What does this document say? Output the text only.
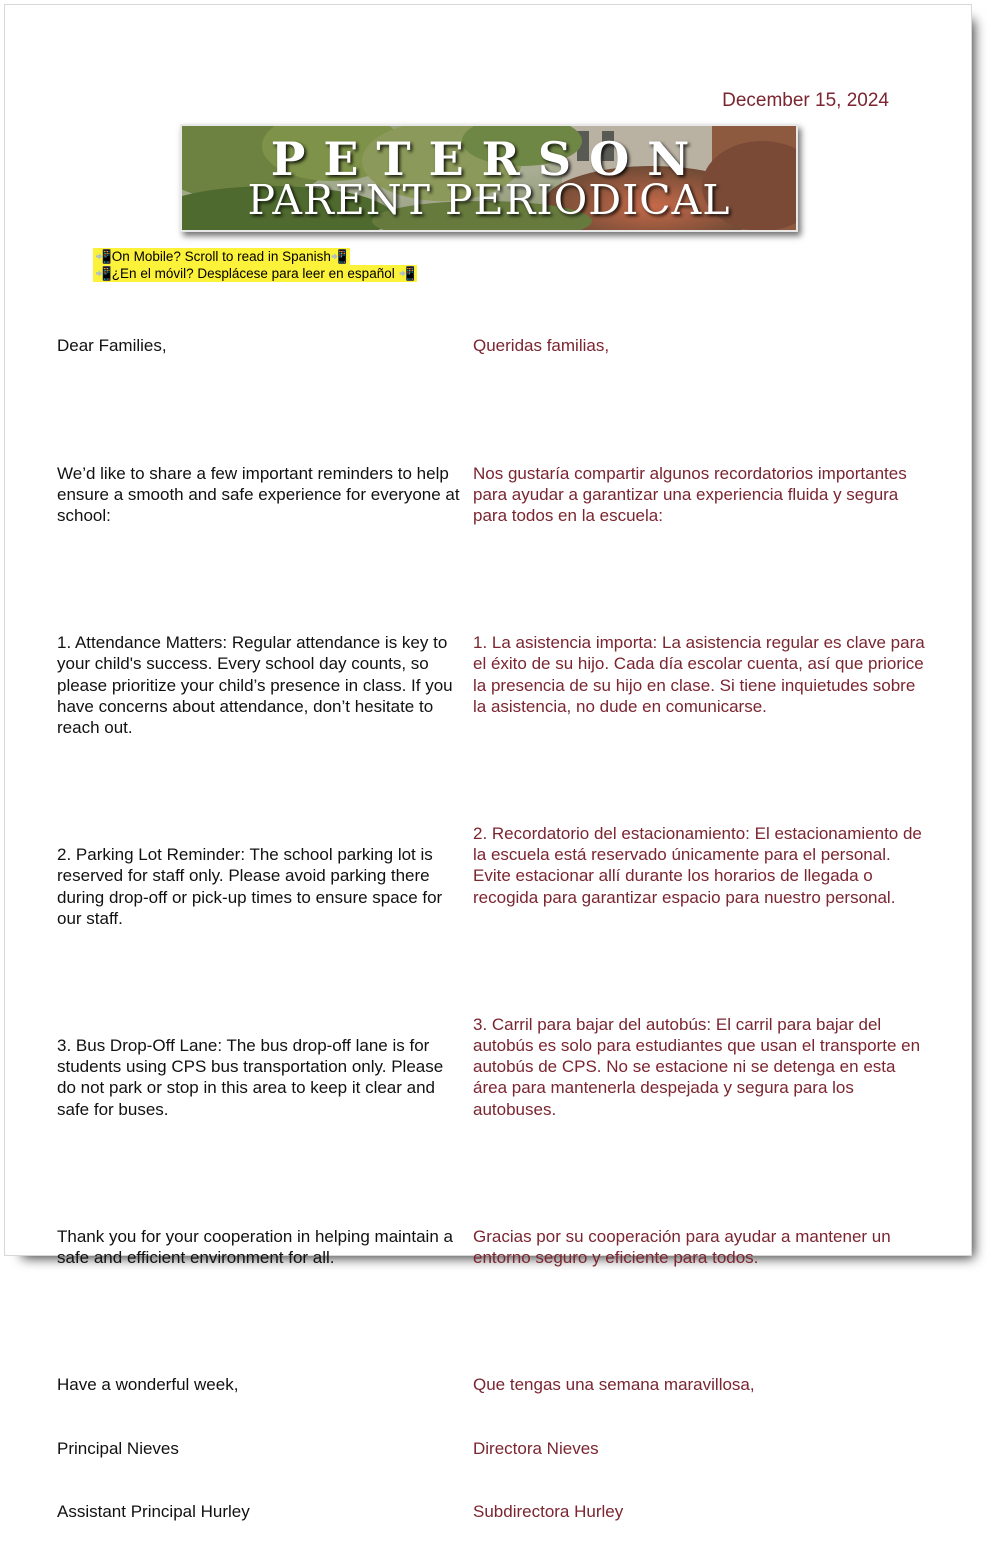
December 15, 2024
PETERSON
PARENT PERIODICAL
📲On Mobile? Scroll to read in Spanish📲
📲¿En el móvil? Desplácese para leer en español 📲

Dear Families,

We’d like to share a few important reminders to help ensure a smooth and safe experience for everyone at school:

1. Attendance Matters: Regular attendance is key to your child's success. Every school day counts, so please prioritize your child’s presence in class. If you have concerns about attendance, don’t hesitate to reach out.

2. Parking Lot Reminder: The school parking lot is reserved for staff only. Please avoid parking there during drop-off or pick-up times to ensure space for our staff.

3. Bus Drop-Off Lane: The bus drop-off lane is for students using CPS bus transportation only. Please do not park or stop in this area to keep it clear and safe for buses.

Thank you for your cooperation in helping maintain a safe and efficient environment for all.

Have a wonderful week,

Principal Nieves

Assistant Principal Hurley

Queridas familias,

Nos gustaría compartir algunos recordatorios importantes para ayudar a garantizar una experiencia fluida y segura para todos en la escuela:

1. La asistencia importa: La asistencia regular es clave para el éxito de su hijo. Cada día escolar cuenta, así que priorice la presencia de su hijo en clase. Si tiene inquietudes sobre la asistencia, no dude en comunicarse.

2. Recordatorio del estacionamiento: El estacionamiento de la escuela está reservado únicamente para el personal. Evite estacionar allí durante los horarios de llegada o recogida para garantizar espacio para nuestro personal.

3. Carril para bajar del autobús: El carril para bajar del autobús es solo para estudiantes que usan el transporte en autobús de CPS. No se estacione ni se detenga en esta área para mantenerla despejada y segura para los autobuses.

Gracias por su cooperación para ayudar a mantener un entorno seguro y eficiente para todos.

Que tengas una semana maravillosa,

Directora Nieves

Subdirectora Hurley
